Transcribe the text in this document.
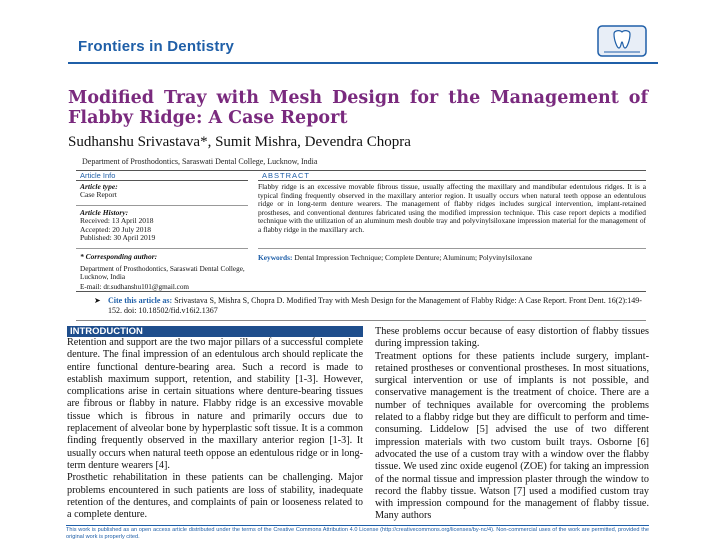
Frontiers in Dentistry
Modified Tray with Mesh Design for the Management of Flabby Ridge: A Case Report
Sudhanshu Srivastava*, Sumit Mishra, Devendra Chopra
Department of Prosthodontics, Saraswati Dental College, Lucknow, India
Article Info	ABSTRACT
Article type:
Case Report
Article History:
Received: 13 April 2018
Accepted: 20 July 2018
Published: 30 April 2019
Flabby ridge is an excessive movable fibrous tissue, usually affecting the maxillary and mandibular edentulous ridges. It is a typical finding frequently observed in the maxillary anterior region. It usually occurs when natural teeth oppose an edentulous ridge or in long-term denture wearers. The management of flabby ridges includes surgical intervention, implant-retained prostheses, and conventional dentures fabricated using the modified impression technique. This case report depicts a modified technique with the utilization of an aluminum mesh double tray and polyvinylsiloxane impression material for the management of a flabby ridge in the maxillary arch.
Keywords: Dental Impression Technique; Complete Denture; Aluminum; Polyvinylsiloxane
* Corresponding author:
Department of Prosthodontics, Saraswati Dental College, Lucknow, India
E-mail: dr.sudhanshu101@gmail.com
➤ Cite this article as: Srivastava S, Mishra S, Chopra D. Modified Tray with Mesh Design for the Management of Flabby Ridge: A Case Report. Front Dent. 16(2):149-152. doi: 10.18502/fid.v16i2.1367
INTRODUCTION

Retention and support are the two major pillars of a successful complete denture. The final impression of an edentulous arch should replicate the entire functional denture-bearing area. Such a record is made to establish maximum support, retention, and stability [1-3]. However, complications arise in certain situations where denture-bearing tissues are fibrous or flabby in nature. Flabby ridge is an excessive movable tissue which is fibrous in nature and primarily occurs due to replacement of alveolar bone by hyperplastic soft tissue. It is a common finding frequently observed in the maxillary anterior region [1-3]. It usually occurs when natural teeth oppose an edentulous ridge or in long-term denture wearers [4].

Prosthetic rehabilitation in these patients can be challenging. Major problems encountered in such patients are loss of stability, inadequate retention of the dentures, and complaints of pain or looseness related to a complete denture.

These problems occur because of easy distortion of flabby tissues during impression taking.

Treatment options for these patients include surgery, implant-retained prostheses or conventional prostheses. In most situations, surgical intervention or use of implants is not possible, and conservative management is the treatment of choice. There are a number of techniques available for overcoming the problems related to a flabby ridge but they are difficult to perform and time-consuming. Liddelow [5] advised the use of two different impression materials with two custom built trays. Osborne [6] advocated the use of a custom tray with a window over the flabby tissue. We used zinc oxide eugenol (ZOE) for taking an impression of the normal tissue and impression plaster through the window to record the flabby tissue. Watson [7] used a modified custom tray with impression compound for the management of flabby tissue. Many authors

This work is published as an open access article distributed under the terms of the Creative Commons Attribution 4.0 License (http://creativecommons.org/licenses/by-nc/4). Non-commercial uses of the work are permitted, provided the original work is properly cited.
